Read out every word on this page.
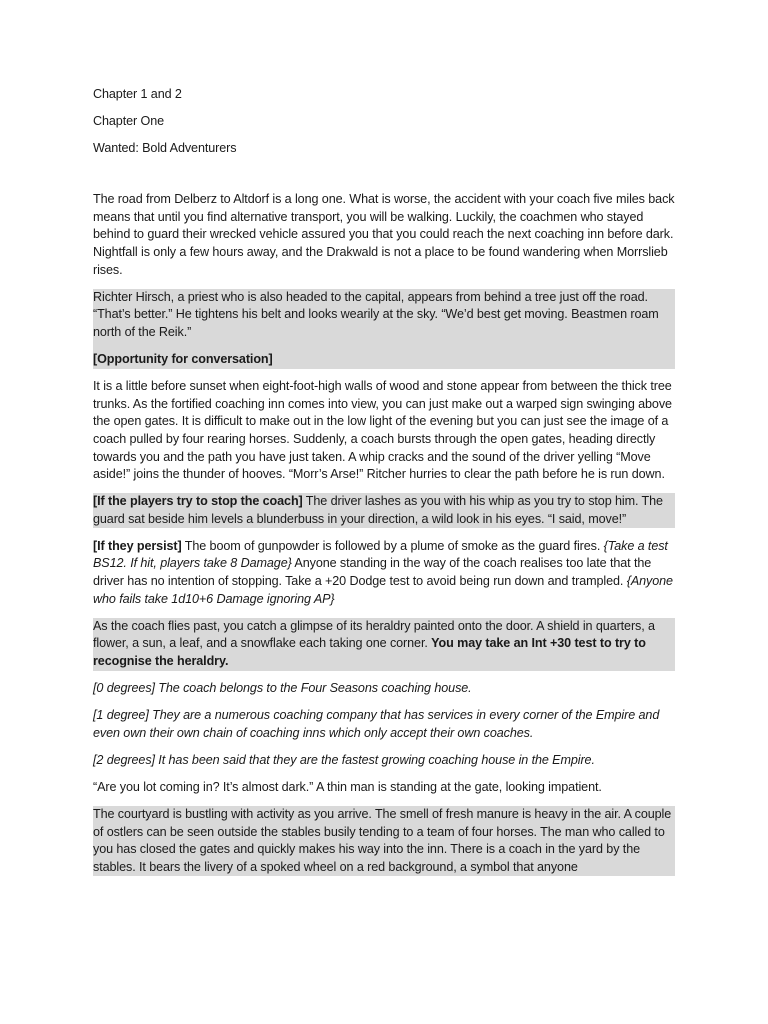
Chapter 1 and 2
Chapter One
Wanted: Bold Adventurers
The road from Delberz to Altdorf is a long one. What is worse, the accident with your coach five miles back means that until you find alternative transport, you will be walking. Luckily, the coachmen who stayed behind to guard their wrecked vehicle assured you that you could reach the next coaching inn before dark. Nightfall is only a few hours away, and the Drakwald is not a place to be found wandering when Morrslieb rises.
Richter Hirsch, a priest who is also headed to the capital, appears from behind a tree just off the road. “That’s better.” He tightens his belt and looks wearily at the sky. “We’d best get moving. Beastmen roam north of the Reik.”
[Opportunity for conversation]
It is a little before sunset when eight-foot-high walls of wood and stone appear from between the thick tree trunks. As the fortified coaching inn comes into view, you can just make out a warped sign swinging above the open gates. It is difficult to make out in the low light of the evening but you can just see the image of a coach pulled by four rearing horses. Suddenly, a coach bursts through the open gates, heading directly towards you and the path you have just taken. A whip cracks and the sound of the driver yelling “Move aside!” joins the thunder of hooves. “Morr’s Arse!” Ritcher hurries to clear the path before he is run down.
[If the players try to stop the coach] The driver lashes as you with his whip as you try to stop him. The guard sat beside him levels a blunderbuss in your direction, a wild look in his eyes. “I said, move!”
[If they persist] The boom of gunpowder is followed by a plume of smoke as the guard fires. {Take a test BS12. If hit, players take 8 Damage} Anyone standing in the way of the coach realises too late that the driver has no intention of stopping. Take a +20 Dodge test to avoid being run down and trampled. {Anyone who fails take 1d10+6 Damage ignoring AP}
As the coach flies past, you catch a glimpse of its heraldry painted onto the door. A shield in quarters, a flower, a sun, a leaf, and a snowflake each taking one corner. You may take an Int +30 test to try to recognise the heraldry.
[0 degrees] The coach belongs to the Four Seasons coaching house.
[1 degree] They are a numerous coaching company that has services in every corner of the Empire and even own their own chain of coaching inns which only accept their own coaches.
[2 degrees] It has been said that they are the fastest growing coaching house in the Empire.
“Are you lot coming in? It’s almost dark.” A thin man is standing at the gate, looking impatient.
The courtyard is bustling with activity as you arrive. The smell of fresh manure is heavy in the air. A couple of ostlers can be seen outside the stables busily tending to a team of four horses. The man who called to you has closed the gates and quickly makes his way into the inn. There is a coach in the yard by the stables. It bears the livery of a spoked wheel on a red background, a symbol that anyone
